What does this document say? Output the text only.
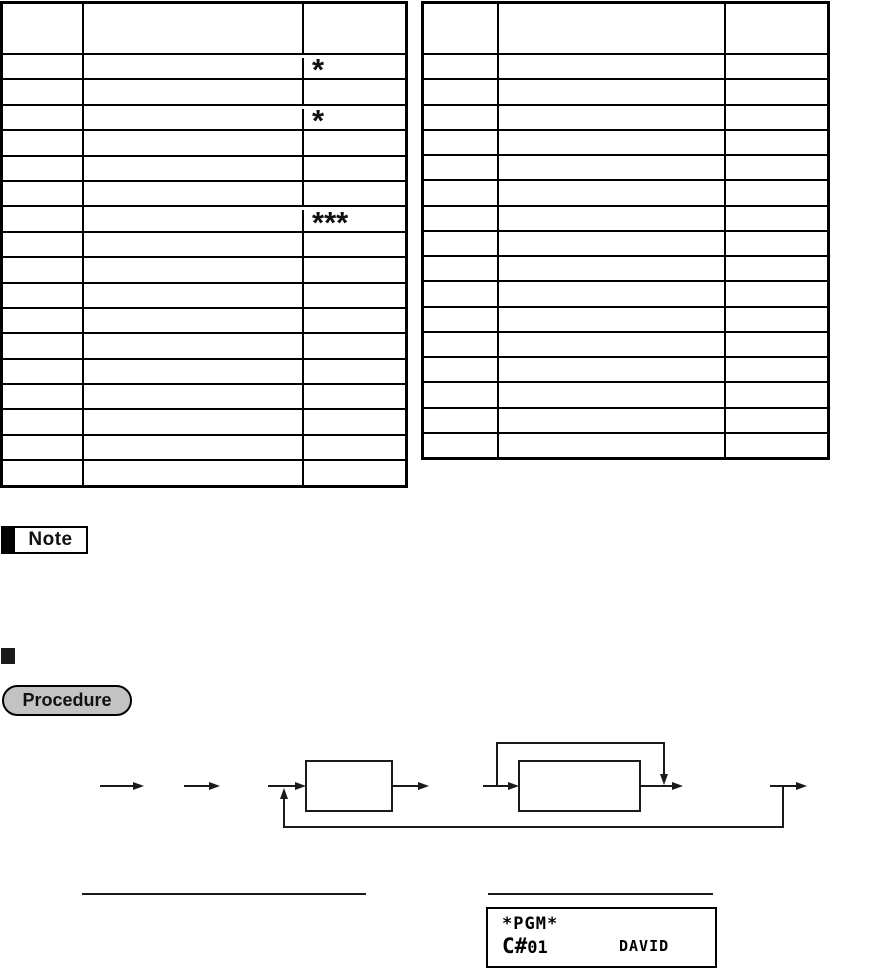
*
*
***
Note
Procedure
*PGM*
C#01	DAVID
